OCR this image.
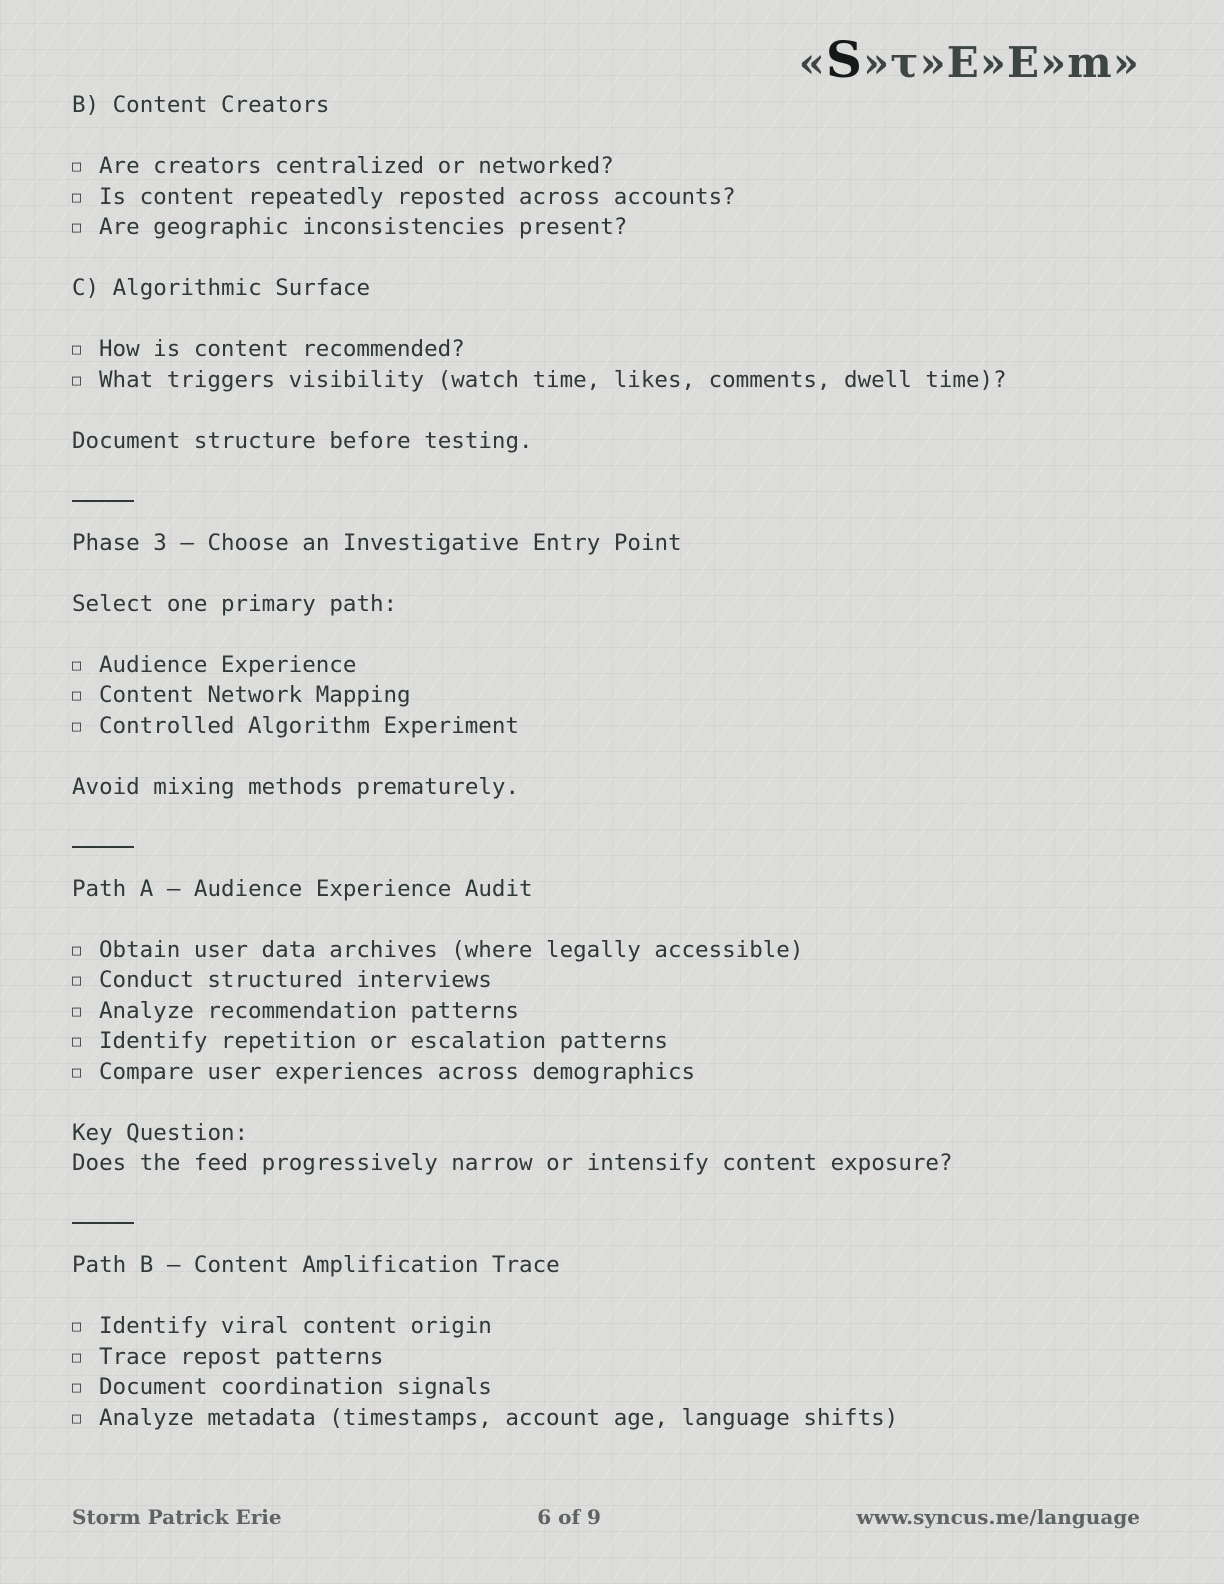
«S»τ»E»E»m»
B) Content Creators
□ Are creators centralized or networked?
□ Is content repeatedly reposted across accounts?
□ Are geographic inconsistencies present?
C) Algorithmic Surface
□ How is content recommended?
□ What triggers visibility (watch time, likes, comments, dwell time)?
Document structure before testing.
Phase 3 — Choose an Investigative Entry Point
Select one primary path:
□ Audience Experience
□ Content Network Mapping
□ Controlled Algorithm Experiment
Avoid mixing methods prematurely.
Path A — Audience Experience Audit
□ Obtain user data archives (where legally accessible)
□ Conduct structured interviews
□ Analyze recommendation patterns
□ Identify repetition or escalation patterns
□ Compare user experiences across demographics
Key Question:
Does the feed progressively narrow or intensify content exposure?
Path B — Content Amplification Trace
□ Identify viral content origin
□ Trace repost patterns
□ Document coordination signals
□ Analyze metadata (timestamps, account age, language shifts)
Storm Patrick Erie	6 of 9	www.syncus.me/language
